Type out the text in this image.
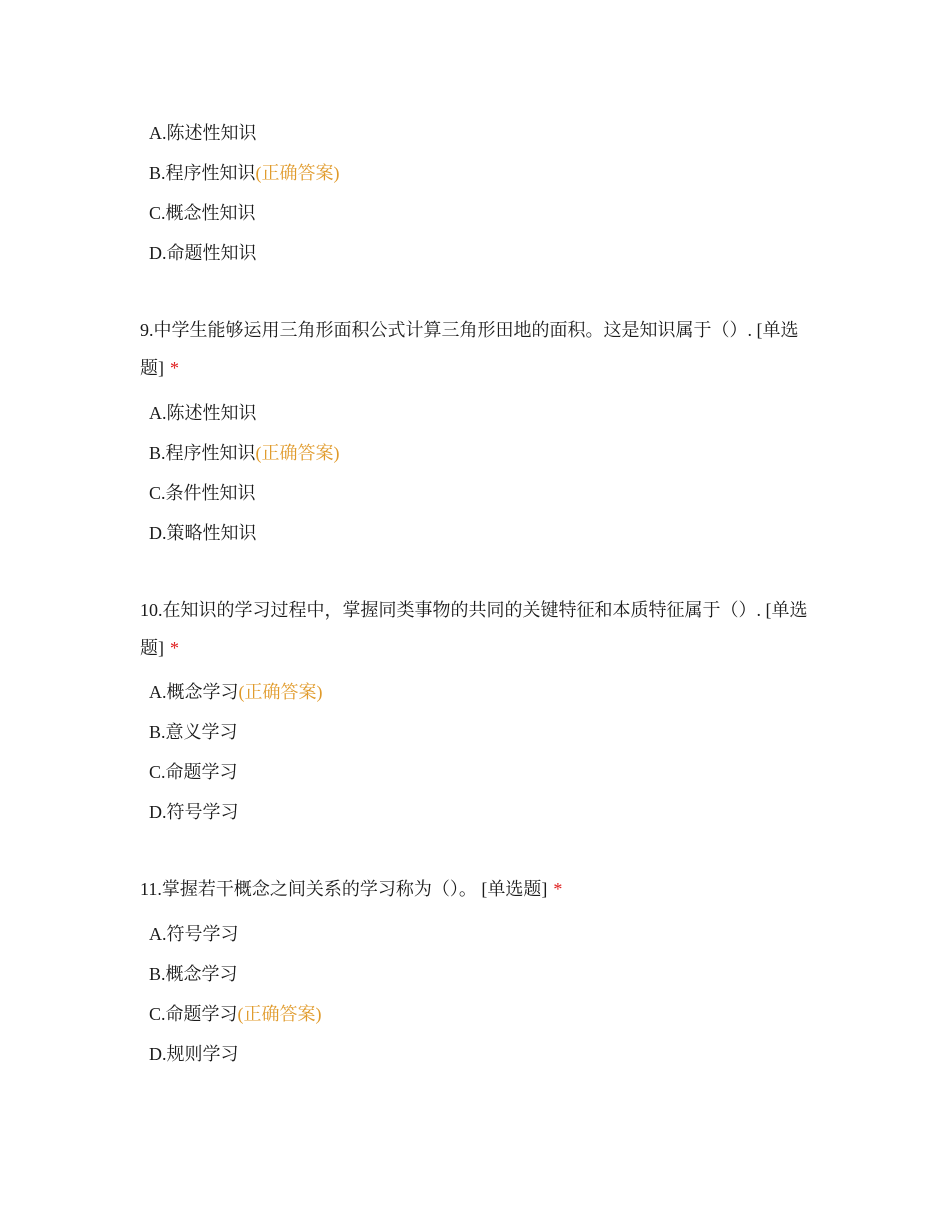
A.陈述性知识
B.程序性知识(正确答案)
C.概念性知识
D.命题性知识
9.中学生能够运用三角形面积公式计算三角形田地的面积。这是知识属于（）. [单选题] *
A.陈述性知识
B.程序性知识(正确答案)
C.条件性知识
D.策略性知识
10.在知识的学习过程中，掌握同类事物的共同的关键特征和本质特征属于（）. [单选题] *
A.概念学习(正确答案)
B.意义学习
C.命题学习
D.符号学习
11.掌握若干概念之间关系的学习称为（）。 [单选题] *
A.符号学习
B.概念学习
C.命题学习(正确答案)
D.规则学习
